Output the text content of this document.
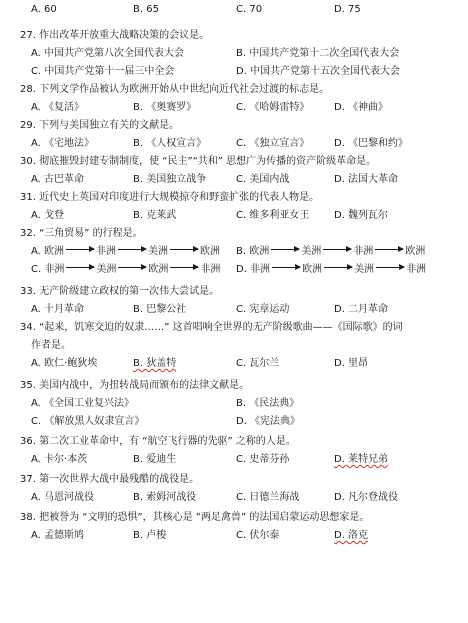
A. 60	B. 65	C. 70	D. 75
27. 作出改革开放重大战略决策的会议是。
A. 中国共产党第八次全国代表大会	B. 中国共产党第十二次全国代表大会
C. 中国共产党第十一届三中全会	D. 中国共产党第十五次全国代表大会
28. 下列文学作品被认为欧洲开始从中世纪向近代社会过渡的标志是。
A. 《复活》	B. 《奥赛罗》	C. 《哈姆雷特》 D. 《神曲》
29. 下列与美国独立有关的文献是。
A. 《宅地法》	B. 《人权宣言》	C. 《独立宣言》 D. 《巴黎和约》
30. 彻底摧毁封建专制制度，使 “民主”“共和” 思想广为传播的资产阶级革命是。
A. 古巴革命	B. 美国独立战争	C. 美国内战	D. 法国大革命
31. 近代史上英国对印度进行大规模掠夺和野蛮扩张的代表人物是。
A. 戈登	B. 克莱武	C. 维多利亚女王 D. 魏列瓦尔
32. “三角贸易” 的行程是。
A. 欧洲	非洲	美洲	欧洲 B. 欧洲	美洲	非洲	欧洲
C. 非洲	美洲	欧洲	非洲 D. 非洲	欧洲	美洲	非洲
33. 无产阶级建立政权的第一次伟大尝试是。
A. 十月革命	B. 巴黎公社	C. 宪章运动	D. 二月革命
34. “起来，饥寒交迫的奴隶……” 这首唱响全世界的无产阶级歌曲——《国际歌》的词
作者是。
A. 欧仁·鲍狄埃	B. 狄盖特	C. 瓦尔兰	D. 里昂
35. 美国内战中，为扭转战局而颁布的法律文献是。
A. 《全国工业复兴法》	B. 《民法典》
C. 《解放黑人奴隶宣言》	D. 《宪法典》
36. 第二次工业革命中，有 “航空飞行器的先驱” 之称的人是。
A. 卡尔·本茨	B. 爱迪生	C. 史蒂芬孙	D. 莱特兄弟
37. 第一次世界大战中最残酷的战役是。
A. 马恩河战役	B. 索姆河战役	C. 日德兰海战	D. 凡尔登战役
38. 把被誉为 “文明的恐惧”，其核心是 “两足禽兽” 的法国启蒙运动思想家是。
A. 孟德斯鸠	B. 卢梭	C. 伏尔泰	D. 洛克
